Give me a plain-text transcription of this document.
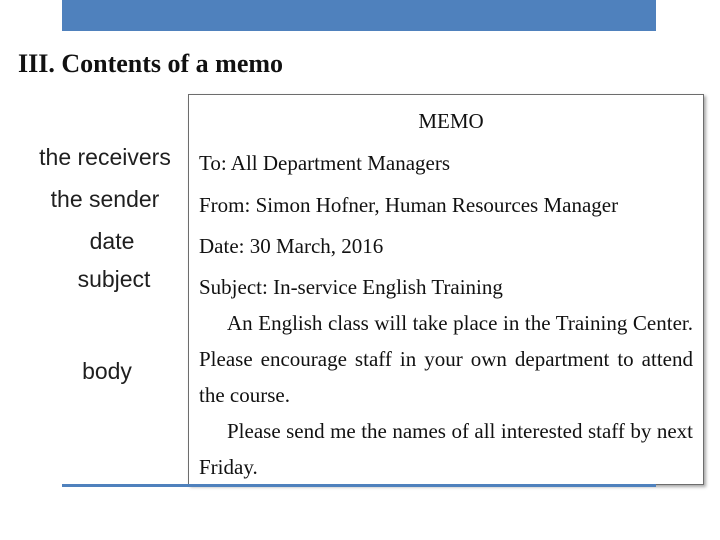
III. Contents of a memo
the receivers
the sender
date
subject
body
MEMO
To: All Department Managers
From: Simon Hofner, Human Resources Manager
Date: 30 March, 2016
Subject: In-service English Training

An English class will take place in the Training Center. Please encourage staff in your own department to attend the course.

Please send me the names of all interested staff by next Friday.
